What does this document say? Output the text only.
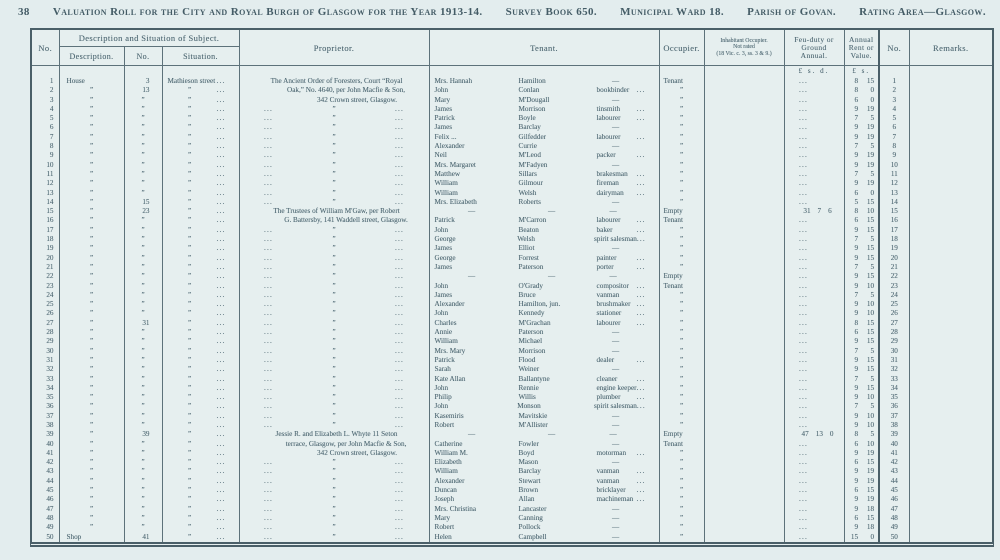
38 Valuation Roll for the City and Royal Burgh of Glasgow for the Year 1913-14. Survey Book 650. Municipal Ward 18. Parish of Govan. Rating Area—Glasgow.
No.	Description and Situation of Subject.			Proprietor.	Tenant.	Occupier.	Inhabitant Occupier.
Not rated
(18 Vic. c. 3, ss. 3 & 9.)	Feu-duty or Ground Annual.	Annual Rent or Value.	No.	Remarks.
	Description.	No.	Situation.								
								£ s. d.	£ s.		
1	House	3	Mathieson street ...	The Ancient Order of Foresters, Court “Royal	Mrs. Hannah Hamilton —	Tenant		...	8 15	1	
2	”	13	” ...	Oak,” No. 4640, per John Macfie & Son,	John Conlan bookbinder ...	”		...	8 0	2	
3	”	”	” ...	342 Crown street, Glasgow.	Mary M'Dougall —	”		...	6 0	3	
4	”	”	” ...	... ” ...	James Morrison tinsmith ...	”		...	9 19	4	
5	”	”	” ...	... ” ...	Patrick Boyle labourer ...	”		...	7 5	5	
6	”	”	” ...	... ” ...	James Barclay —	”		...	9 19	6	
7	”	”	” ...	... ” ...	Felix ... Gilfedder labourer ...	”		...	9 19	7	
8	”	”	” ...	... ” ...	Alexander Currie —	”		...	7 5	8	
9	”	”	” ...	... ” ...	Neil M'Leod packer ...	”		...	9 19	9	
10	”	”	” ...	... ” ...	Mrs. Margaret M'Fadyen —	”		...	9 19	10	
11	”	”	” ...	... ” ...	Matthew Sillars brakesman ...	”		...	7 5	11	
12	”	”	” ...	... ” ...	William Gilmour fireman ...	”		...	9 19	12	
13	”	”	” ...	... ” ...	William Welsh dairyman ...	”		...	6 0	13	
14	”	15	” ...	... ” ...	Mrs. Elizabeth Roberts —	”		...	5 15	14	
15	”	23	” ...	The Trustees of William M'Gaw, per Robert	— — —	Empty		31 7 6	8 10	15	
16	”	”	” ...	G. Battersby, 141 Waddell street, Glasgow.	Patrick M'Carron labourer ...	Tenant		...	6 15	16	
17	”	”	” ...	... ” ...	John Beaton baker ...	”		...	9 15	17	
18	”	”	” ...	... ” ...	George Welsh spirit salesman ...	”		...	7 5	18	
19	”	”	” ...	... ” ...	James Elliot —	”		...	9 15	19	
20	”	”	” ...	... ” ...	George Forrest painter ...	”		...	9 15	20	
21	”	”	” ...	... ” ...	James Paterson porter ...	”		...	7 5	21	
22	”	”	” ...	... ” ...	— — —	Empty		...	9 15	22	
23	”	”	” ...	... ” ...	John O'Grady compositor ...	Tenant		...	9 10	23	
24	”	”	” ...	... ” ...	James Bruce vanman ...	”		...	7 5	24	
25	”	”	” ...	... ” ...	Alexander Hamilton, jun. brushmaker ...	”		...	9 10	25	
26	”	”	” ...	... ” ...	John Kennedy stationer ...	”		...	9 10	26	
27	”	31	” ...	... ” ...	Charles M'Grachan labourer ...	”		...	8 15	27	
28	”	”	” ...	... ” ...	Annie Paterson —	”		...	6 15	28	
29	”	”	” ...	... ” ...	William Michael —	”		...	9 15	29	
30	”	”	” ...	... ” ...	Mrs. Mary Morrison —	”		...	7 5	30	
31	”	”	” ...	... ” ...	Patrick Flood dealer ...	”		...	9 15	31	
32	”	”	” ...	... ” ...	Sarah Weiner —	”		...	9 15	32	
33	”	”	” ...	... ” ...	Kate Allan Ballantyne cleaner ...	”		...	7 5	33	
34	”	”	” ...	... ” ...	John Rennie engine keeper ...	”		...	9 15	34	
35	”	”	” ...	... ” ...	Philip Willis plumber ...	”		...	9 10	35	
36	”	”	” ...	... ” ...	John Monson spirit salesman ...	”		...	7 5	36	
37	”	”	” ...	... ” ...	Kasemiris Mavitskie —	”		...	9 10	37	
38	”	”	” ...	... ” ...	Robert M'Allister —	”		...	9 10	38	
39	”	39	” ...	Jessie R. and Elizabeth L. Whyte 11 Seton	— — —	Empty		47 13 0	8 5	39	
40	”	”	” ...	terrace, Glasgow, per John Macfie & Son,	Catherine Fowler —	Tenant		...	6 10	40	
41	”	”	” ...	342 Crown street, Glasgow.	William M. Boyd motorman ...	”		...	9 19	41	
42	”	”	” ...	... ” ...	Elizabeth Mason —	”		...	6 15	42	
43	”	”	” ...	... ” ...	William Barclay vanman ...	”		...	9 19	43	
44	”	”	” ...	... ” ...	Alexander Stewart vanman ...	”		...	9 19	44	
45	”	”	” ...	... ” ...	Duncan Brown bricklayer ...	”		...	6 15	45	
46	”	”	” ...	... ” ...	Joseph Allan machineman ...	”		...	9 19	46	
47	”	”	” ...	... ” ...	Mrs. Christina Lancaster —	”		...	9 18	47	
48	”	”	” ...	... ” ...	Mary Canning —	”		...	6 15	48	
49	”	”	” ...	... ” ...	Robert Pollock —	”		...	9 18	49	
50	Shop	41	” ...	... ” ...	Helen Campbell —	”		...	15 0	50	
